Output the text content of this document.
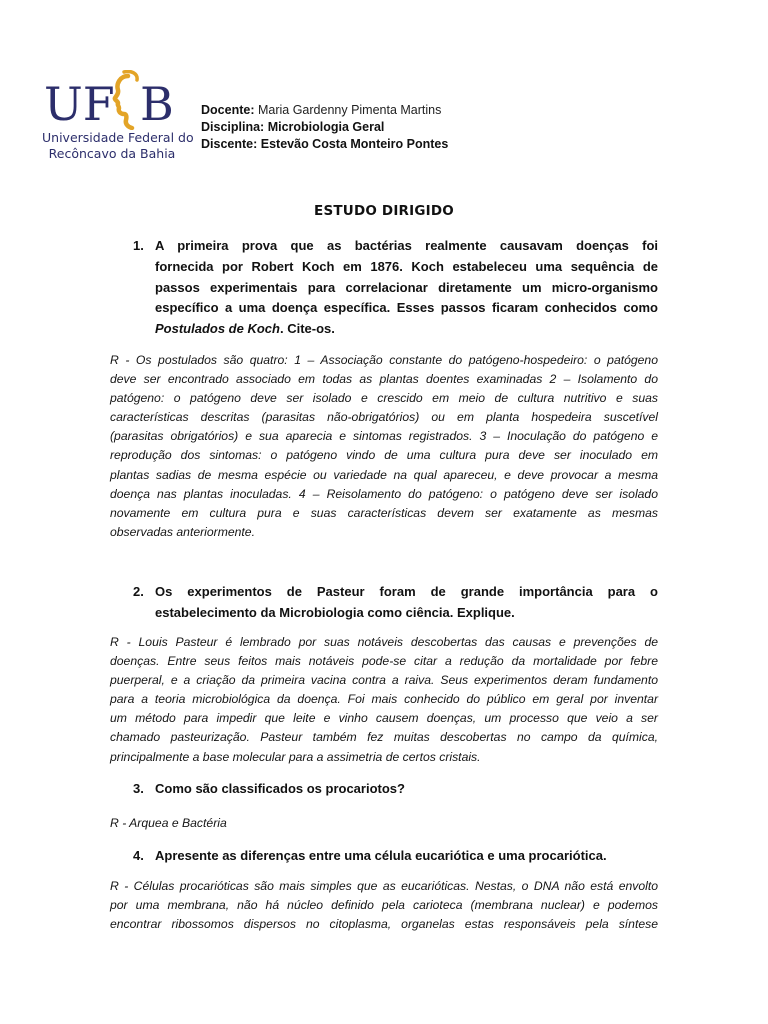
UF B
Universidade Federal do
Recôncavo da Bahia
Docente: Maria Gardenny Pimenta Martins
Disciplina: Microbiologia Geral
Discente: Estevão Costa Monteiro Pontes
ESTUDO DIRIGIDO
1. A primeira prova que as bactérias realmente causavam doenças foi
fornecida por Robert Koch em 1876. Koch estabeleceu uma sequência de
passos experimentais para correlacionar diretamente um micro-organismo
específico a uma doença específica. Esses passos ficaram conhecidos como
Postulados de Koch. Cite-os.
R - Os postulados são quatro: 1 – Associação constante do patógeno-hospedeiro: o patógeno
deve ser encontrado associado em todas as plantas doentes examinadas 2 – Isolamento do
patógeno: o patógeno deve ser isolado e crescido em meio de cultura nutritivo e suas
características descritas (parasitas não-obrigatórios) ou em planta hospedeira suscetível
(parasitas obrigatórios) e sua aparecia e sintomas registrados. 3 – Inoculação do patógeno e
reprodução dos sintomas: o patógeno vindo de uma cultura pura deve ser inoculado em
plantas sadias de mesma espécie ou variedade na qual apareceu, e deve provocar a mesma
doença nas plantas inoculadas. 4 – Reisolamento do patógeno: o patógeno deve ser isolado
novamente em cultura pura e suas características devem ser exatamente as mesmas
observadas anteriormente.
2. Os experimentos de Pasteur foram de grande importância para o
estabelecimento da Microbiologia como ciência. Explique.
R - Louis Pasteur é lembrado por suas notáveis descobertas das causas e prevenções de
doenças. Entre seus feitos mais notáveis pode-se citar a redução da mortalidade por febre
puerperal, e a criação da primeira vacina contra a raiva. Seus experimentos deram fundamento
para a teoria microbiológica da doença. Foi mais conhecido do público em geral por inventar
um método para impedir que leite e vinho causem doenças, um processo que veio a ser
chamado pasteurização. Pasteur também fez muitas descobertas no campo da química,
principalmente a base molecular para a assimetria de certos cristais.
3. Como são classificados os procariotos?
R - Arquea e Bactéria
4. Apresente as diferenças entre uma célula eucariótica e uma procariótica.
R - Células procarióticas são mais simples que as eucarióticas. Nestas, o DNA não está envolto
por uma membrana, não há núcleo definido pela carioteca (membrana nuclear) e podemos
encontrar ribossomos dispersos no citoplasma, organelas estas responsáveis pela síntese
